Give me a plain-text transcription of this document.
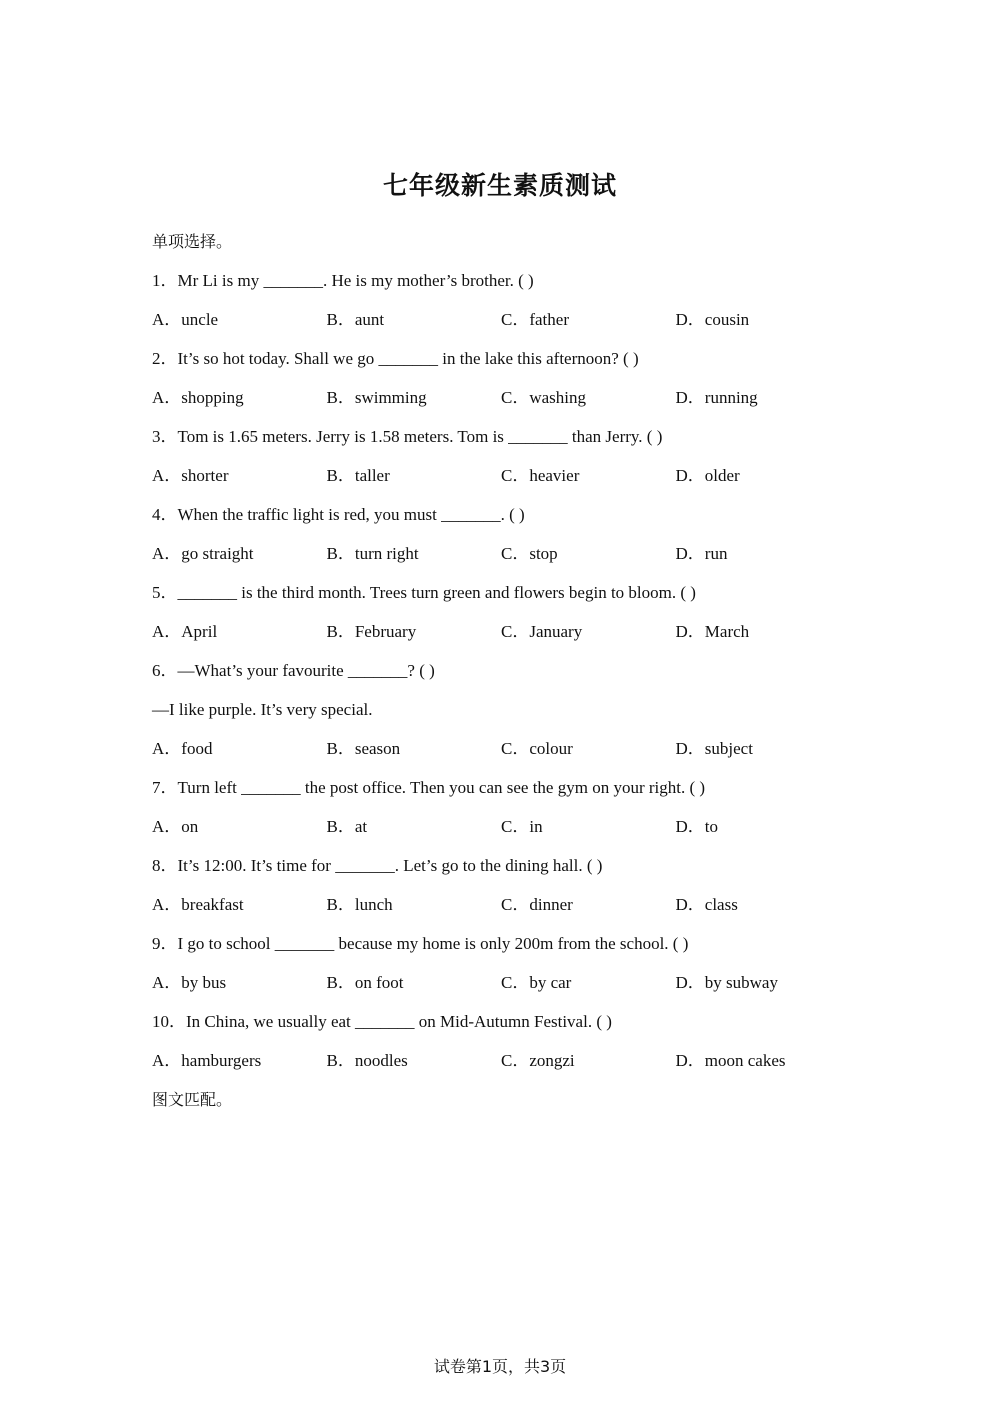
七年级新生素质测试
单项选择。
1．Mr Li is my _______. He is my mother’s brother. ( )
A．uncle	B．aunt	C．father	D．cousin
2．It’s so hot today. Shall we go _______ in the lake this afternoon? ( )
A．shopping	B．swimming	C．washing	D．running
3．Tom is 1.65 meters. Jerry is 1.58 meters. Tom is _______ than Jerry. ( )
A．shorter	B．taller	C．heavier	D．older
4．When the traffic light is red, you must _______. ( )
A．go straight	B．turn right	C．stop	D．run
5．_______ is the third month. Trees turn green and flowers begin to bloom. ( )
A．April	B．February	C．January	D．March
6．—What’s your favourite _______? ( )
—I like purple. It’s very special.
A．food	B．season	C．colour	D．subject
7．Turn left _______ the post office. Then you can see the gym on your right. ( )
A．on	B．at	C．in	D．to
8．It’s 12:00. It’s time for _______. Let’s go to the dining hall. ( )
A．breakfast	B．lunch	C．dinner	D．class
9．I go to school _______ because my home is only 200m from the school. ( )
A．by bus	B．on foot	C．by car	D．by subway
10．In China, we usually eat _______ on Mid-Autumn Festival. ( )
A．hamburgers	B．noodles	C．zongzi	D．moon cakes
图文匹配。
试卷第1页，共3页
